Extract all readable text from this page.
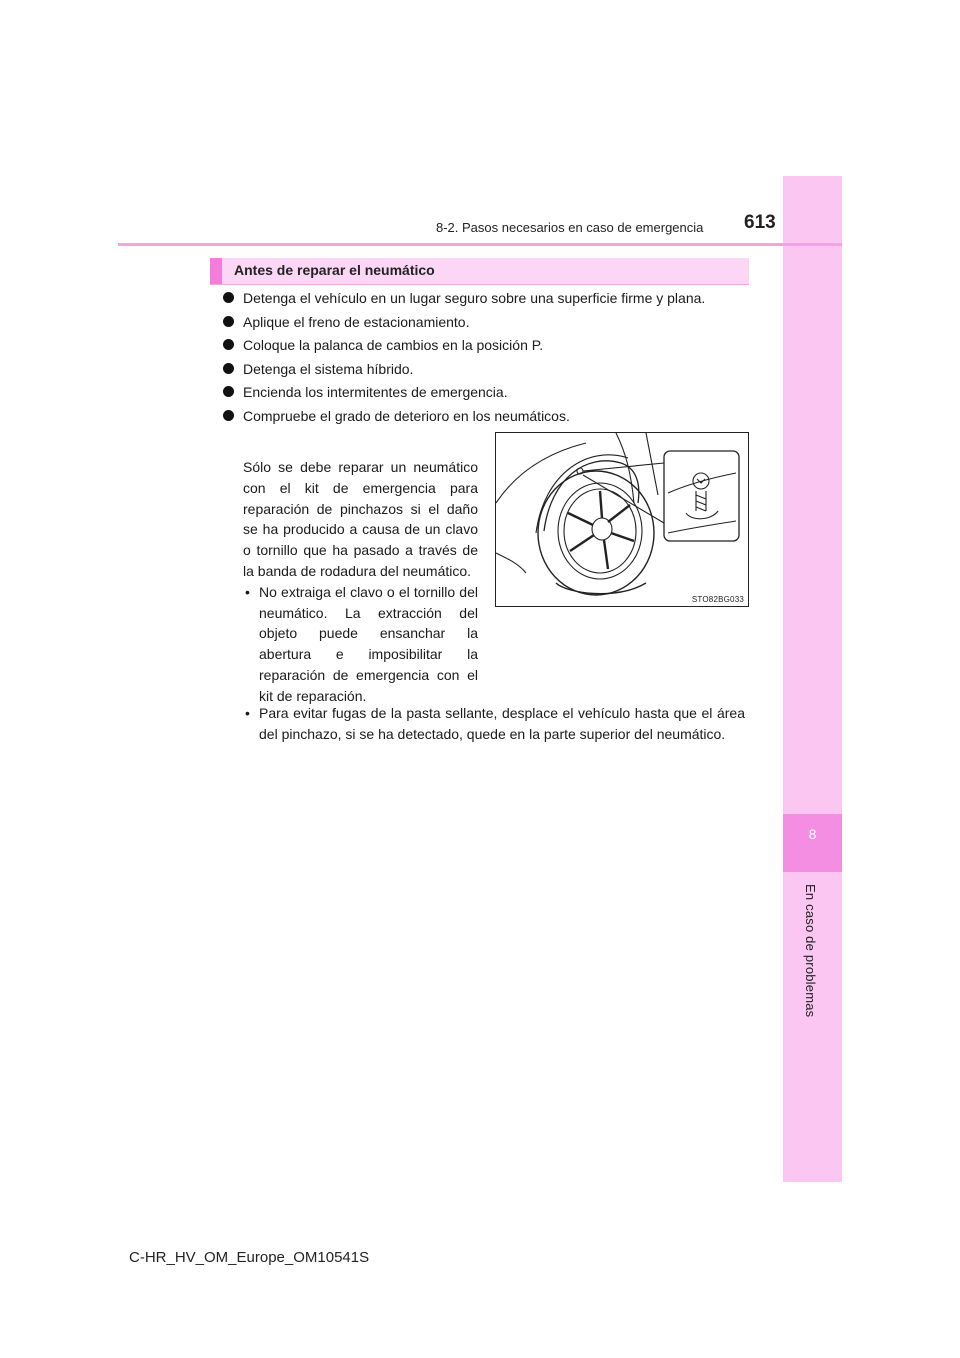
8
En caso de problemas
8-2. Pasos necesarios en caso de emergencia 613
Antes de reparar el neumático
Detenga el vehículo en un lugar seguro sobre una superficie firme y plana.
Aplique el freno de estacionamiento.
Coloque la palanca de cambios en la posición P.
Detenga el sistema híbrido.
Encienda los intermitentes de emergencia.
Compruebe el grado de deterioro en los neumáticos.

Sólo se debe reparar un neumático con el kit de emergencia para reparación de pinchazos si el daño se ha producido a causa de un clavo o tornillo que ha pasado a través de la banda de rodadura del neumático.

• No extraiga el clavo o el tornillo del neumático. La extracción del objeto puede ensanchar la abertura e imposibilitar la reparación de emergencia con el kit de reparación.
• Para evitar fugas de la pasta sellante, desplace el vehículo hasta que el área del pinchazo, si se ha detectado, quede en la parte superior del neumático.
STO82BG033
C-HR_HV_OM_Europe_OM10541S
